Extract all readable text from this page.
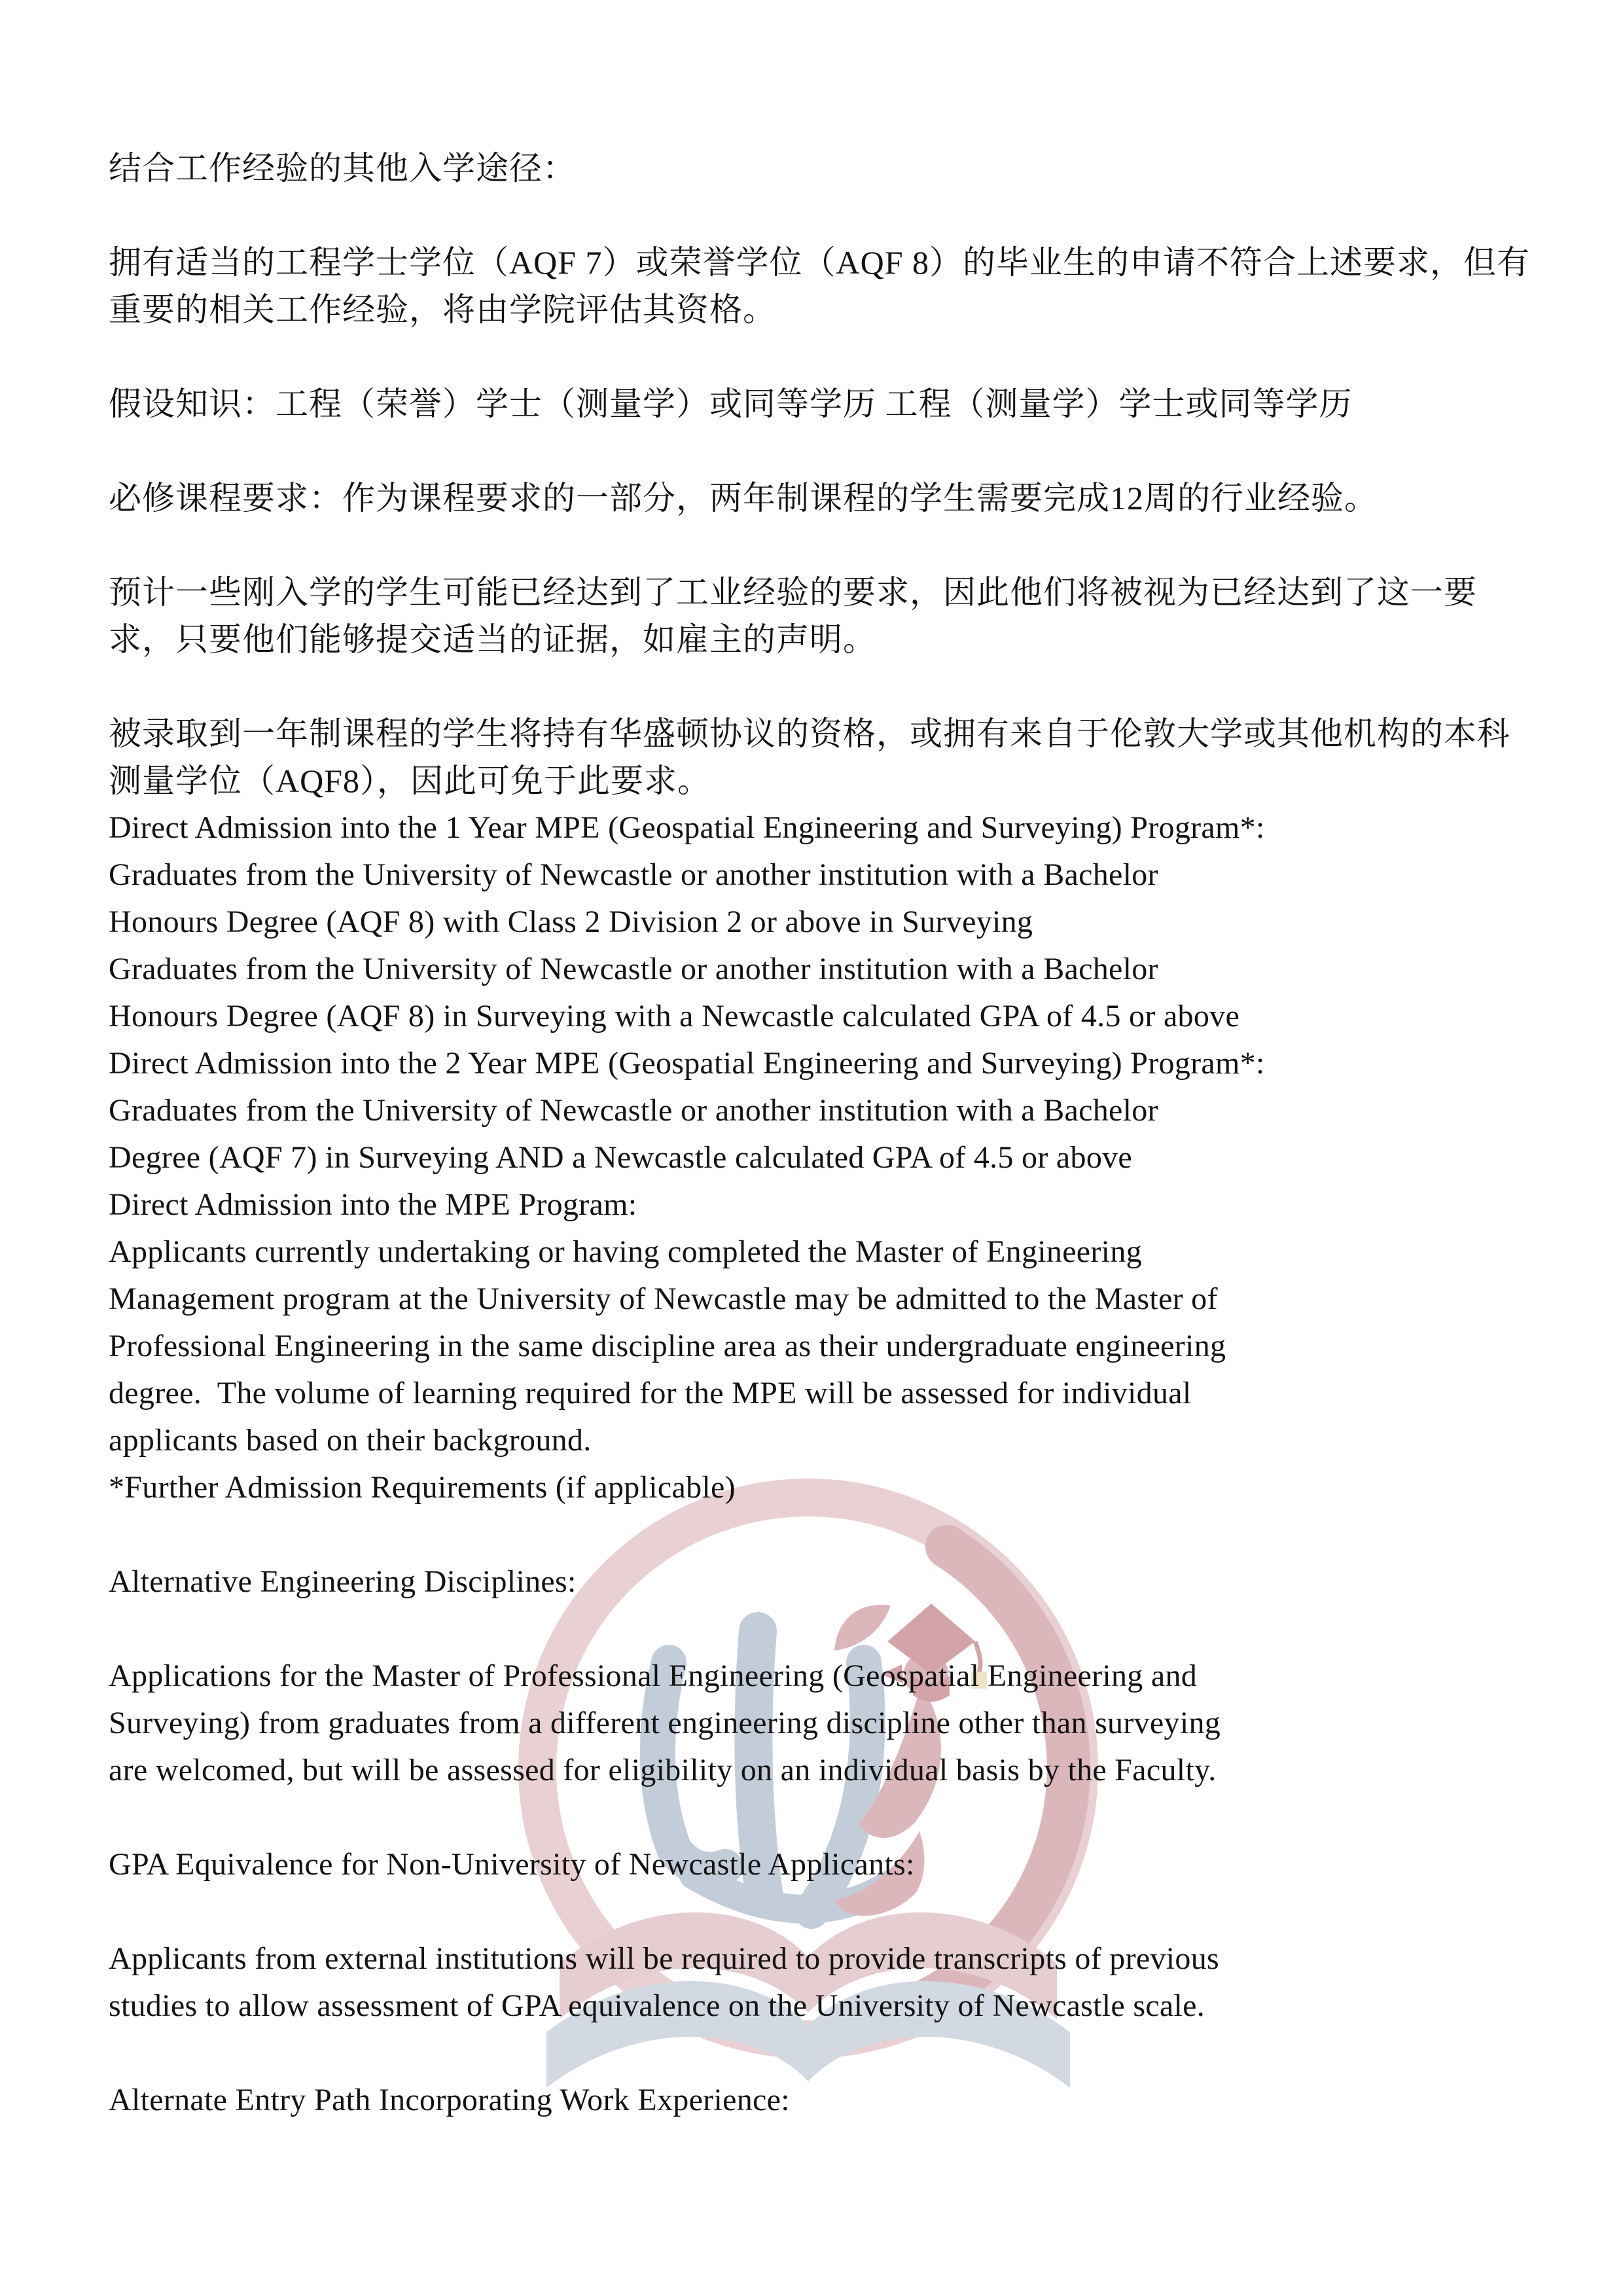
结合工作经验的其他入学途径：
拥有适当的工程学士学位（AQF 7）或荣誉学位（AQF 8）的毕业生的申请不符合上述要求，但有
重要的相关工作经验，将由学院评估其资格。
假设知识：工程（荣誉）学士（测量学）或同等学历 工程（测量学）学士或同等学历
必修课程要求：作为课程要求的一部分，两年制课程的学生需要完成12周的行业经验。
预计一些刚入学的学生可能已经达到了工业经验的要求，因此他们将被视为已经达到了这一要
求，只要他们能够提交适当的证据，如雇主的声明。
被录取到一年制课程的学生将持有华盛顿协议的资格，或拥有来自于伦敦大学或其他机构的本科
测量学位（AQF8），因此可免于此要求。
Direct Admission into the 1 Year MPE (Geospatial Engineering and Surveying) Program*:
Graduates from the University of Newcastle or another institution with a Bachelor
Honours Degree (AQF 8) with Class 2 Division 2 or above in Surveying
Graduates from the University of Newcastle or another institution with a Bachelor
Honours Degree (AQF 8) in Surveying with a Newcastle calculated GPA of 4.5 or above
Direct Admission into the 2 Year MPE (Geospatial Engineering and Surveying) Program*:
Graduates from the University of Newcastle or another institution with a Bachelor
Degree (AQF 7) in Surveying AND a Newcastle calculated GPA of 4.5 or above
Direct Admission into the MPE Program:
Applicants currently undertaking or having completed the Master of Engineering
Management program at the University of Newcastle may be admitted to the Master of
Professional Engineering in the same discipline area as their undergraduate engineering
degree.  The volume of learning required for the MPE will be assessed for individual
applicants based on their background.
*Further Admission Requirements (if applicable)
Alternative Engineering Disciplines:
Applications for the Master of Professional Engineering (Geospatial Engineering and
Surveying) from graduates from a different engineering discipline other than surveying
are welcomed, but will be assessed for eligibility on an individual basis by the Faculty.
GPA Equivalence for Non-University of Newcastle Applicants:
Applicants from external institutions will be required to provide transcripts of previous
studies to allow assessment of GPA equivalence on the University of Newcastle scale.
Alternate Entry Path Incorporating Work Experience:
